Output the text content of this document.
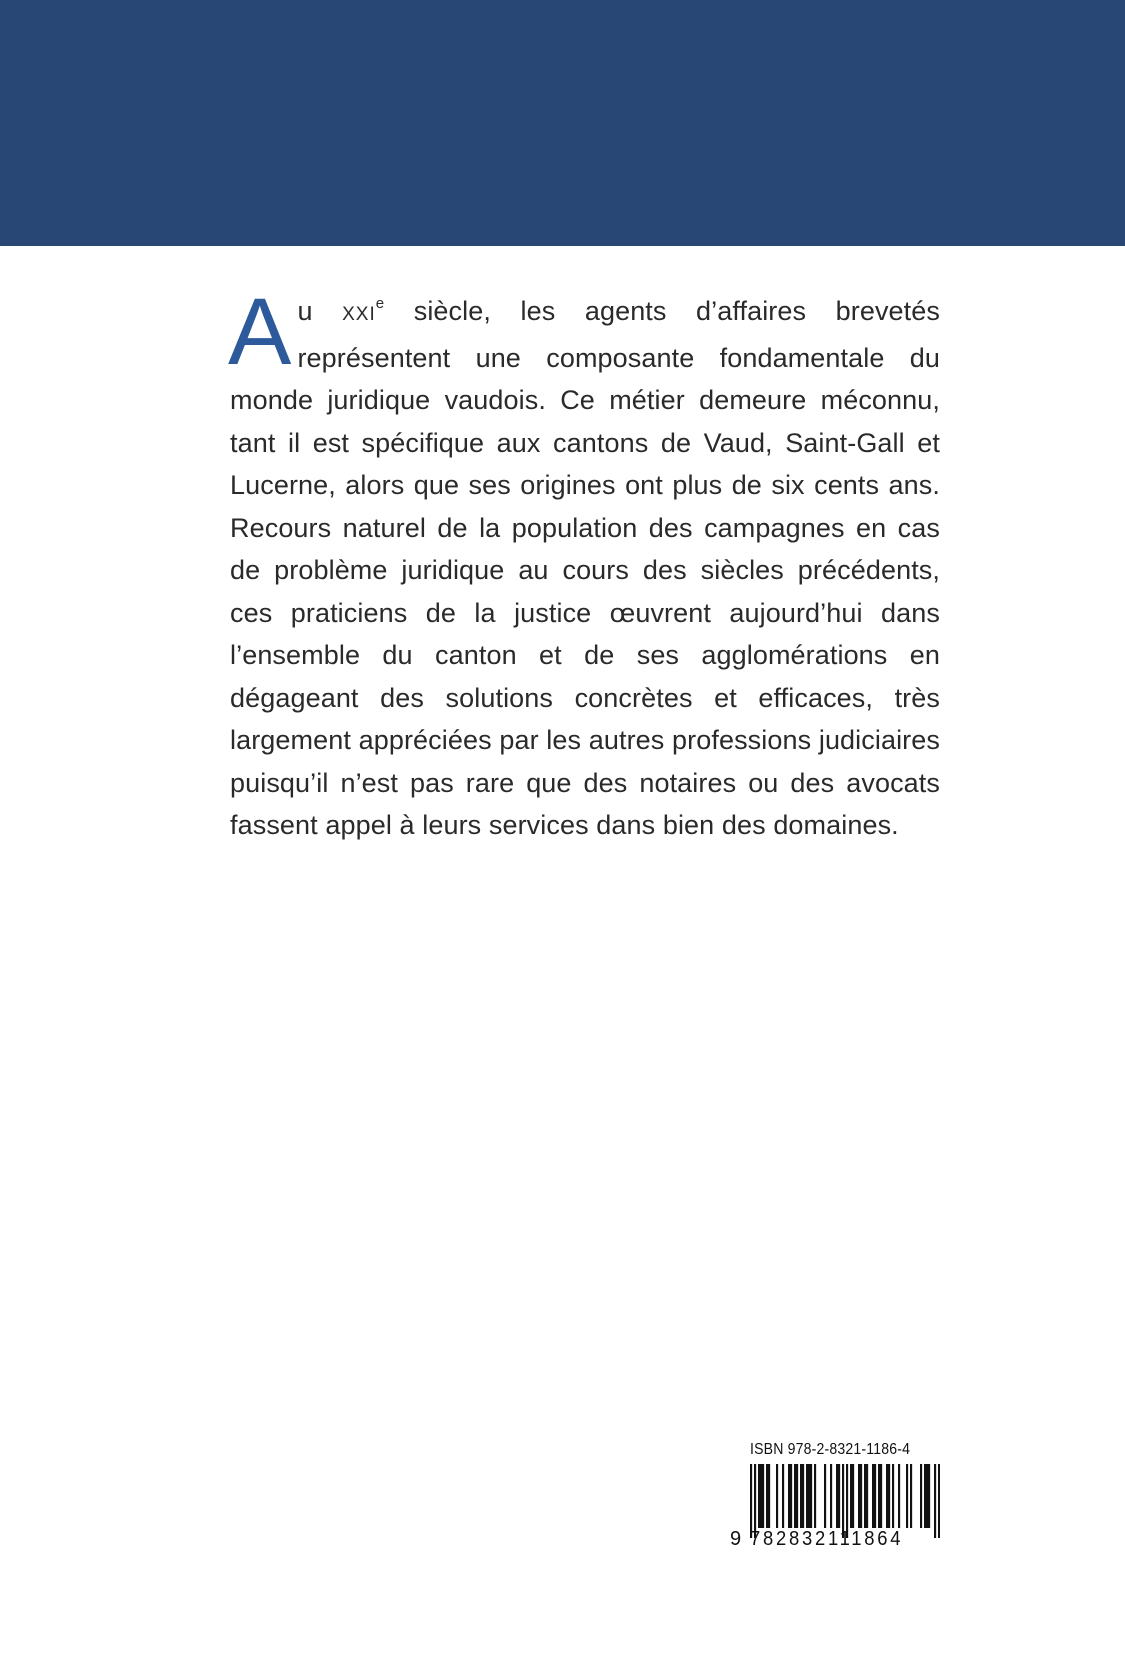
Au XXIe siècle, les agents d’affaires brevetés représentent une composante fondamentale du monde juridique vaudois. Ce métier demeure méconnu, tant il est spécifique aux cantons de Vaud, Saint-Gall et Lucerne, alors que ses origines ont plus de six cents ans. Recours naturel de la population des campagnes en cas de problème juridique au cours des siècles précédents, ces praticiens de la justice œuvrent aujourd’hui dans l’ensemble du canton et de ses agglomérations en dégageant des solutions concrètes et efficaces, très largement appréciées par les autres professions judiciaires puisqu’il n’est pas rare que des notaires ou des avocats fassent appel à leurs services dans bien des domaines.
ISBN 978-2-8321-1186-4
9 782832111864
